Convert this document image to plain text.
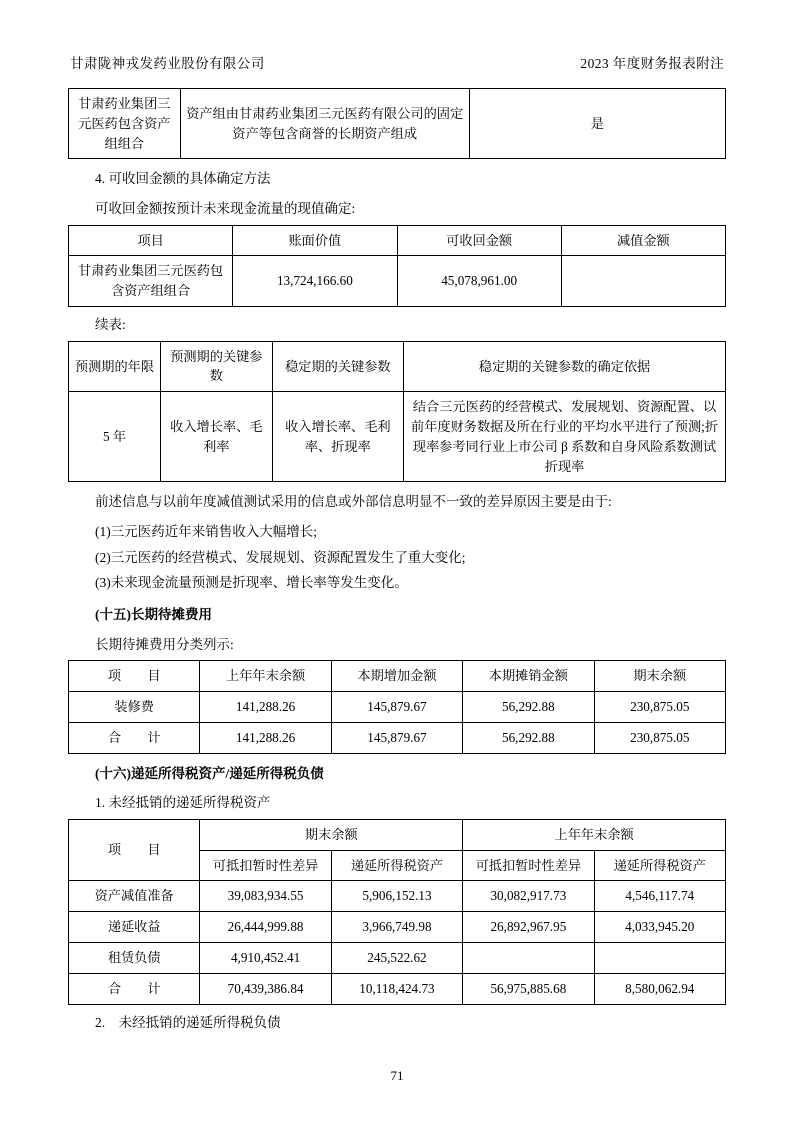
甘肃陇神戎发药业股份有限公司	2023 年度财务报表附注
甘肃药业集团三元医药包含资产组组合	资产组由甘肃药业集团三元医药有限公司的固定资产等包含商誉的长期资产组成	是

4. 可收回金额的具体确定方法

可收回金额按预计未来现金流量的现值确定:

项目	账面价值	可收回金额	减值金额
甘肃药业集团三元医药包含资产组组合	13,724,166.60	45,078,961.00	

续表:

预测期的年限	预测期的关键参数	稳定期的关键参数	稳定期的关键参数的确定依据
5 年	收入增长率、毛利率	收入增长率、毛利率、折现率	结合三元医药的经营模式、发展规划、资源配置、以前年度财务数据及所在行业的平均水平进行了预测;折现率参考同行业上市公司 β 系数和自身风险系数测试折现率

前述信息与以前年度减值测试采用的信息或外部信息明显不一致的差异原因主要是由于:

(1)三元医药近年来销售收入大幅增长;

(2)三元医药的经营模式、发展规划、资源配置发生了重大变化;

(3)未来现金流量预测是折现率、增长率等发生变化。

(十五)长期待摊费用

长期待摊费用分类列示:

项　　目	上年年末余额	本期增加金额	本期摊销金额	期末余额
装修费	141,288.26	145,879.67	56,292.88	230,875.05
合　　计	141,288.26	145,879.67	56,292.88	230,875.05

(十六)递延所得税资产/递延所得税负债

1. 未经抵销的递延所得税资产

项　　目	期末余额		上年年末余额	
	可抵扣暂时性差异	递延所得税资产	可抵扣暂时性差异	递延所得税资产
资产减值准备	39,083,934.55	5,906,152.13	30,082,917.73	4,546,117.74
递延收益	26,444,999.88	3,966,749.98	26,892,967.95	4,033,945.20
租赁负债	4,910,452.41	245,522.62		
合　　计	70,439,386.84	10,118,424.73	56,975,885.68	8,580,062.94

2.　未经抵销的递延所得税负债

71
